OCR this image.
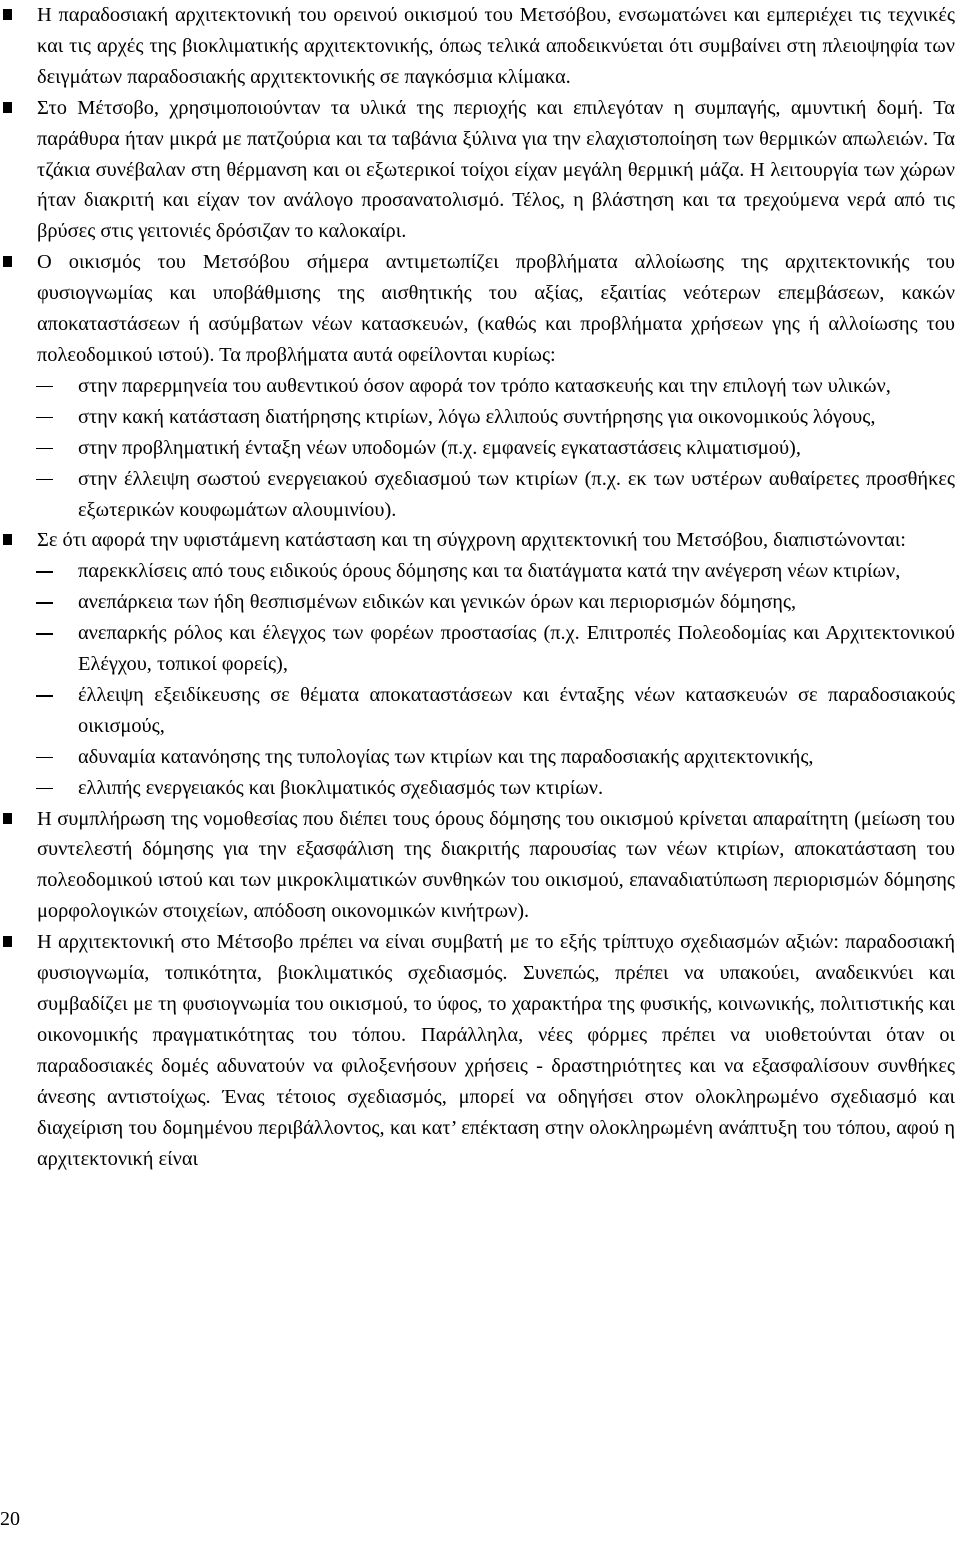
Η παραδοσιακή αρχιτεκτονική του ορεινού οικισμού του Μετσόβου, ενσωματώνει και εμπεριέχει τις τεχνικές και τις αρχές της βιοκλιματικής αρχιτεκτονικής, όπως τελικά αποδεικνύεται ότι συμβαίνει στη πλειοψηφία των δειγμάτων παραδοσιακής αρχιτεκτονικής σε παγκόσμια κλίμακα.
Στο Μέτσοβο, χρησιμοποιούνταν τα υλικά της περιοχής και επιλεγόταν η συμπαγής, αμυντική δομή. Τα παράθυρα ήταν μικρά με πατζούρια και τα ταβάνια ξύλινα για την ελαχιστοποίηση των θερμικών απωλειών. Τα τζάκια συνέβαλαν στη θέρμανση και οι εξωτερικοί τοίχοι είχαν μεγάλη θερμική μάζα. Η λειτουργία των χώρων ήταν διακριτή και είχαν τον ανάλογο προσανατολισμό. Τέλος, η βλάστηση και τα τρεχούμενα νερά από τις βρύσες στις γειτονιές δρόσιζαν το καλοκαίρι.
Ο οικισμός του Μετσόβου σήμερα αντιμετωπίζει προβλήματα αλλοίωσης της αρχιτεκτονικής του φυσιογνωμίας και υποβάθμισης της αισθητικής του αξίας, εξαιτίας νεότερων επεμβάσεων, κακών αποκαταστάσεων ή ασύμβατων νέων κατασκευών, (καθώς και προβλήματα χρήσεων γης ή αλλοίωσης του πολεοδομικού ιστού). Τα προβλήματα αυτά οφείλονται κυρίως:
στην παρερμηνεία του αυθεντικού όσον αφορά τον τρόπο κατασκευής και την επιλογή των υλικών,
στην κακή κατάσταση διατήρησης κτιρίων, λόγω ελλιπούς συντήρησης για οικονομικούς λόγους,
στην προβληματική ένταξη νέων υποδομών (π.χ. εμφανείς εγκαταστάσεις κλιματισμού),
στην έλλειψη σωστού ενεργειακού σχεδιασμού των κτιρίων (π.χ. εκ των υστέρων αυθαίρετες προσθήκες εξωτερικών κουφωμάτων αλουμινίου).
Σε ότι αφορά την υφιστάμενη κατάσταση και τη σύγχρονη αρχιτεκτονική του Μετσόβου, διαπιστώνονται:
παρεκκλίσεις από τους ειδικούς όρους δόμησης και τα διατάγματα κατά την ανέγερση νέων κτιρίων,
ανεπάρκεια των ήδη θεσπισμένων ειδικών και γενικών όρων και περιορισμών δόμησης,
ανεπαρκής ρόλος και έλεγχος των φορέων προστασίας (π.χ. Επιτροπές Πολεοδομίας και Αρχιτεκτονικού Ελέγχου, τοπικοί φορείς),
έλλειψη εξειδίκευσης σε θέματα αποκαταστάσεων και ένταξης νέων κατασκευών σε παραδοσιακούς οικισμούς,
αδυναμία κατανόησης της τυπολογίας των κτιρίων και της παραδοσιακής αρχιτεκτονικής,
ελλιπής ενεργειακός και βιοκλιματικός σχεδιασμός των κτιρίων.
Η συμπλήρωση της νομοθεσίας που διέπει τους όρους δόμησης του οικισμού κρίνεται απαραίτητη (μείωση του συντελεστή δόμησης για την εξασφάλιση της διακριτής παρουσίας των νέων κτιρίων, αποκατάσταση του πολεοδομικού ιστού και των μικροκλιματικών συνθηκών του οικισμού, επαναδιατύπωση περιορισμών δόμησης μορφολογικών στοιχείων, απόδοση οικονομικών κινήτρων).
Η αρχιτεκτονική στο Μέτσοβο πρέπει να είναι συμβατή με το εξής τρίπτυχο σχεδιασμών αξιών: παραδοσιακή φυσιογνωμία, τοπικότητα, βιοκλιματικός σχεδιασμός. Συνεπώς, πρέπει να υπακούει, αναδεικνύει και συμβαδίζει με τη φυσιογνωμία του οικισμού, το ύφος, το χαρακτήρα της φυσικής, κοινωνικής, πολιτιστικής και οικονομικής πραγματικότητας του τόπου. Παράλληλα, νέες φόρμες πρέπει να υιοθετούνται όταν οι παραδοσιακές δομές αδυνατούν να φιλοξενήσουν χρήσεις - δραστηριότητες και να εξασφαλίσουν συνθήκες άνεσης αντιστοίχως. Ένας τέτοιος σχεδιασμός, μπορεί να οδηγήσει στον ολοκληρωμένο σχεδιασμό και διαχείριση του δομημένου περιβάλλοντος, και κατ’ επέκταση στην ολοκληρωμένη ανάπτυξη του τόπου, αφού η αρχιτεκτονική είναι
20
